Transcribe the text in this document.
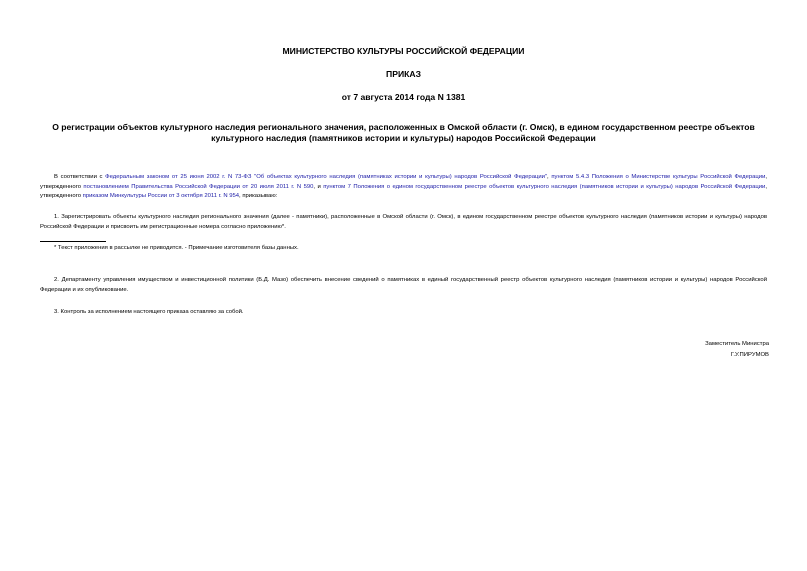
МИНИСТЕРСТВО КУЛЬТУРЫ РОССИЙСКОЙ ФЕДЕРАЦИИ
ПРИКАЗ
от 7 августа 2014 года N 1381
О регистрации объектов культурного наследия регионального значения, расположенных в Омской области (г. Омск), в едином государственном реестре объектов культурного наследия (памятников истории и культуры) народов Российской Федерации
В соответствии с Федеральным законом от 25 июня 2002 г. N 73-ФЗ "Об объектах культурного наследия (памятниках истории и культуры) народов Российской Федерации", пунктом 5.4.3 Положения о Министерстве культуры Российской Федерации, утвержденного постановлением Правительства Российской Федерации от 20 июля 2011 г. N 590, и пунктом 7 Положения о едином государственном реестре объектов культурного наследия (памятников истории и культуры) народов Российской Федерации, утвержденного приказом Минкультуры России от 3 октября 2011 г. N 954, приказываю:
1. Зарегистрировать объекты культурного наследия регионального значения (далее - памятники), расположенные в Омской области (г. Омск), в едином государственном реестре объектов культурного наследия (памятников истории и культуры) народов Российской Федерации и присвоить им регистрационные номера согласно приложению*.
* Текст приложения в рассылке не приводится. - Примечание изготовителя базы данных.
2. Департаменту управления имуществом и инвестиционной политики (Б.Д. Мазо) обеспечить внесение сведений о памятниках в единый государственный реестр объектов культурного наследия (памятников истории и культуры) народов Российской Федерации и их опубликование.
3. Контроль за исполнением настоящего приказа оставляю за собой.
Заместитель Министра
Г.У.ПИРУМОВ
